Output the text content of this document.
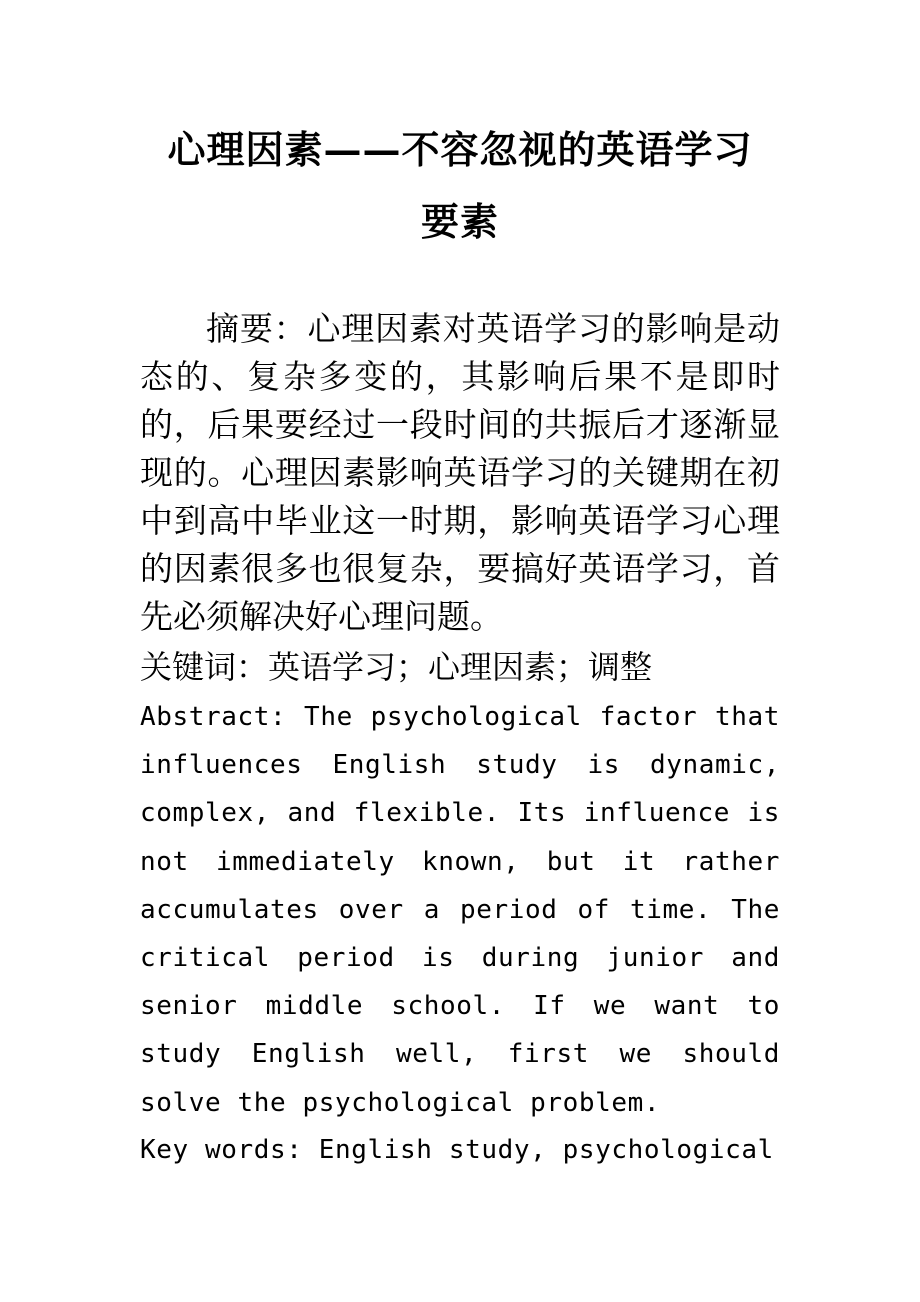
心理因素——不容忽视的英语学习
要素
摘要：心理因素对英语学习的影响是动态的、复杂多变的，其影响后果不是即时的，后果要经过一段时间的共振后才逐渐显现的。心理因素影响英语学习的关键期在初中到高中毕业这一时期，影响英语学习心理的因素很多也很复杂，要搞好英语学习，首先必须解决好心理问题。
关键词：英语学习；心理因素；调整
Abstract: The psychological factor that influences English study is dynamic, complex, and flexible. Its influence is not immediately known, but it rather accumulates over a period of time. The critical period is during junior and senior middle school. If we want to study English well, first we should solve the psychological problem.
Key words: English study, psychological
